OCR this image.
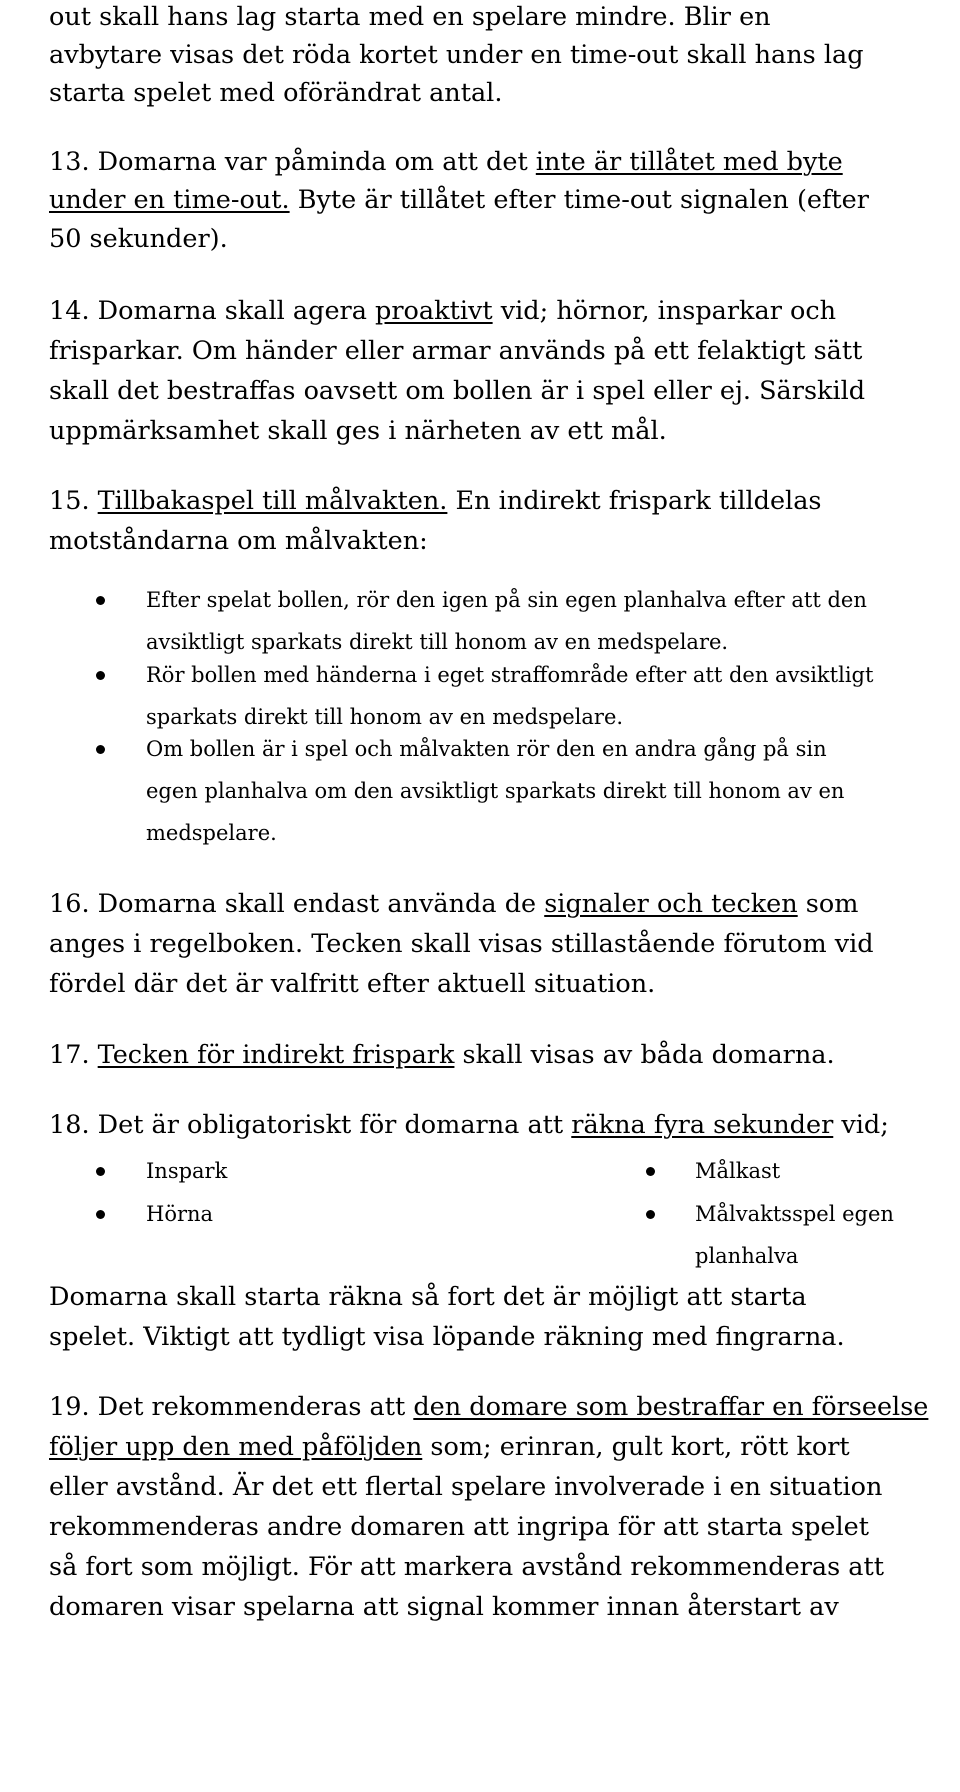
out skall hans lag starta med en spelare mindre. Blir en
avbytare visas det röda kortet under en time-out skall hans lag
starta spelet med oförändrat antal.
13. Domarna var påminda om att det inte är tillåtet med byte
under en time-out. Byte är tillåtet efter time-out signalen (efter
50 sekunder).
14. Domarna skall agera proaktivt vid; hörnor, insparkar och
frisparkar. Om händer eller armar används på ett felaktigt sätt
skall det bestraffas oavsett om bollen är i spel eller ej. Särskild
uppmärksamhet skall ges i närheten av ett mål.
15. Tillbakaspel till målvakten. En indirekt frispark tilldelas
motståndarna om målvakten:
Efter spelat bollen, rör den igen på sin egen planhalva efter att den
avsiktligt sparkats direkt till honom av en medspelare.
Rör bollen med händerna i eget straffområde efter att den avsiktligt
sparkats direkt till honom av en medspelare.
Om bollen är i spel och målvakten rör den en andra gång på sin
egen planhalva om den avsiktligt sparkats direkt till honom av en
medspelare.
16. Domarna skall endast använda de signaler och tecken som
anges i regelboken. Tecken skall visas stillastående förutom vid
fördel där det är valfritt efter aktuell situation.
17. Tecken för indirekt frispark skall visas av båda domarna.
18. Det är obligatoriskt för domarna att räkna fyra sekunder vid;
Inspark	Målkast
Hörna	Målvaktsspel egen
planhalva
Domarna skall starta räkna så fort det är möjligt att starta
spelet. Viktigt att tydligt visa löpande räkning med fingrarna.
19. Det rekommenderas att den domare som bestraffar en förseelse
följer upp den med påföljden som; erinran, gult kort, rött kort
eller avstånd. Är det ett flertal spelare involverade i en situation
rekommenderas andre domaren att ingripa för att starta spelet
så fort som möjligt. För att markera avstånd rekommenderas att
domaren visar spelarna att signal kommer innan återstart av
